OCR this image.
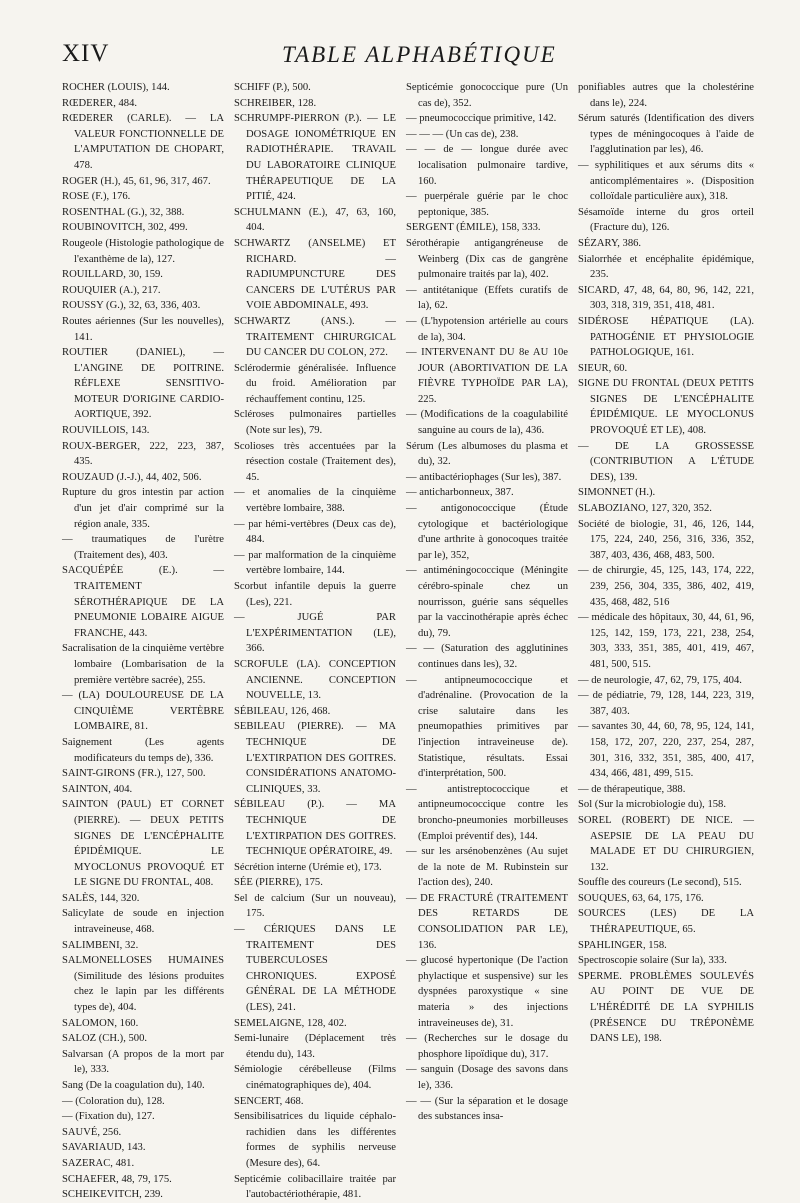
XIV	TABLE ALPHABÉTIQUE

ROCHER (LOUIS), 144.

RŒDERER, 484.

RŒDERER (CARLE). — LA VALEUR FONCTIONNELLE DE L'AMPUTATION DE CHOPART, 478.

ROGER (H.), 45, 61, 96, 317, 467.

ROSE (F.), 176.

ROSENTHAL (G.), 32, 388.

ROUBINOVITCH, 302, 499.

Rougeole (Histologie pathologique de l'exanthème de la), 127.

ROUILLARD, 30, 159.

ROUQUIER (A.), 217.

ROUSSY (G.), 32, 63, 336, 403.

Routes aériennes (Sur les nouvelles), 141.

ROUTIER (DANIEL), — L'ANGINE DE POITRINE. RÉFLEXE SENSITIVO-MOTEUR D'ORIGINE CARDIO-AORTIQUE, 392.

ROUVILLOIS, 143.

ROUX-BERGER, 222, 223, 387, 435.

ROUZAUD (J.-J.), 44, 402, 506.

Rupture du gros intestin par action d'un jet d'air comprimé sur la région anale, 335.

— traumatiques de l'urètre (Traitement des), 403.

SACQUÉPÉE (E.). — TRAITEMENT SÉROTHÉRAPIQUE DE LA PNEUMONIE LOBAIRE AIGUE FRANCHE, 443.

Sacralisation de la cinquième vertèbre lombaire (Lombarisation de la première vertèbre sacrée), 255.

— (LA) DOULOUREUSE DE LA CINQUIÈME VERTÈBRE LOMBAIRE, 81.

Saignement (Les agents modificateurs du temps de), 336.

SAINT-GIRONS (FR.), 127, 500.

SAINTON, 404.

SAINTON (PAUL) ET CORNET (PIERRE). — DEUX PETITS SIGNES DE L'ENCÉPHALITE ÉPIDÉMIQUE. LE MYOCLONUS PROVOQUÉ ET LE SIGNE DU FRONTAL, 408.

SALÈS, 144, 320.

Salicylate de soude en injection intraveineuse, 468.

SALIMBENI, 32.

SALMONELLOSES HUMAINES (Similitude des lésions produites chez le lapin par les différents types de), 404.

SALOMON, 160.

SALOZ (CH.), 500.

Salvarsan (A propos de la mort par le), 333.

Sang (De la coagulation du), 140.

— (Coloration du), 128.

— (Fixation du), 127.

SAUVÉ, 256.

SAVARIAUD, 143.

SAZERAC, 481.

SCHAEFER, 48, 79, 175.

SCHEIKEVITCH, 239.

SCHIFF (P.), 500.

SCHREIBER, 128.

SCHRUMPF-PIERRON (P.). — LE DOSAGE IONOMÉTRIQUE EN RADIOTHÉRAPIE. TRAVAIL DU LABORATOIRE CLINIQUE THÉRAPEUTIQUE DE LA PITIÉ, 424.

SCHULMANN (E.), 47, 63, 160, 404.

SCHWARTZ (ANSELME) ET RICHARD. — RADIUMPUNCTURE DES CANCERS DE L'UTÉRUS PAR VOIE ABDOMINALE, 493.

SCHWARTZ (ANS.). — TRAITEMENT CHIRURGICAL DU CANCER DU COLON, 272.

Sclérodermie généralisée. Influence du froid. Amélioration par réchauffement continu, 125.

Scléroses pulmonaires partielles (Note sur les), 79.

Scolioses très accentuées par la résection costale (Traitement des), 45.

— et anomalies de la cinquième vertèbre lombaire, 388.

— par hémi-vertèbres (Deux cas de), 484.

— par malformation de la cinquième vertèbre lombaire, 144.

Scorbut infantile depuis la guerre (Les), 221.

— JUGÉ PAR L'EXPÉRIMENTATION (LE), 366.

SCROFULE (LA). CONCEPTION ANCIENNE. CONCEPTION NOUVELLE, 13.

SÉBILEAU, 126, 468.

SEBILEAU (PIERRE). — MA TECHNIQUE DE L'EXTIRPATION DES GOITRES. CONSIDÉRATIONS ANATOMO-CLINIQUES, 33.

SÉBILEAU (P.). — MA TECHNIQUE DE L'EXTIRPATION DES GOITRES. TECHNIQUE OPÉRATOIRE, 49.

Sécrétion interne (Urémie et), 173.

SÉE (PIERRE), 175.

Sel de calcium (Sur un nouveau), 175.

— CÉRIQUES DANS LE TRAITEMENT DES TUBERCULOSES CHRONIQUES. EXPOSÉ GÉNÉRAL DE LA MÉTHODE (LES), 241.

SEMELAIGNE, 128, 402.

Semi-lunaire (Déplacement très étendu du), 143.

Sémiologie cérébelleuse (Films cinématographiques de), 404.

SENCERT, 468.

Sensibilisatrices du liquide céphalo-rachidien dans les différentes formes de syphilis nerveuse (Mesure des), 64.

Septicémie colibacillaire traitée par l'autobactériothérapie, 481.

Septicémie gonococcique pure (Un cas de), 352.

— pneumococcique primitive, 142.

— — — (Un cas de), 238.

— — de — longue durée avec localisation pulmonaire tardive, 160.

— puerpérale guérie par le choc peptonique, 385.

SERGENT (ÉMILE), 158, 333.

Sérothérapie antigangréneuse de Weinberg (Dix cas de gangrène pulmonaire traités par la), 402.

— antitétanique (Effets curatifs de la), 62.

— (L'hypotension artérielle au cours de la), 304.

— INTERVENANT DU 8e AU 10e JOUR (ABORTIVATION DE LA FIÈVRE TYPHOÏDE PAR LA), 225.

— (Modifications de la coagulabilité sanguine au cours de la), 436.

Sérum (Les albumoses du plasma et du), 32.

— antibactériophages (Sur les), 387.

— anticharbonneux, 387.

— antigonococcique (Étude cytologique et bactériologique d'une arthrite à gonocoques traitée par le), 352,

— antiméningococcique (Méningite cérébro-spinale chez un nourrisson, guérie sans séquelles par la vaccinothérapie après échec du), 79.

— — (Saturation des agglutinines continues dans les), 32.

— antipneumococcique et d'adrénaline. (Provocation de la crise salutaire dans les pneumopathies primitives par l'injection intraveineuse de). Statistique, résultats. Essai d'interprétation, 500.

— antistreptococcique et antipneumococcique contre les broncho-pneumonies morbilleuses (Emploi préventif des), 144.

— sur les arsénobenzènes (Au sujet de la note de M. Rubinstein sur l'action des), 240.

— DE FRACTURÉ (TRAITEMENT DES RETARDS DE CONSOLIDATION PAR LE), 136.

— glucosé hypertonique (De l'action phylactique et suspensive) sur les dyspnées paroxystique « sine materia » des injections intraveineuses de), 31.

— (Recherches sur le dosage du phosphore lipoïdique du), 317.

— sanguin (Dosage des savons dans le), 336.

— — (Sur la séparation et le dosage des substances insa-

ponifiables autres que la cholestérine dans le), 224.

Sérum saturés (Identification des divers types de méningocoques à l'aide de l'agglutination par les), 46.

— syphilitiques et aux sérums dits « anticomplémentaires ». (Disposition colloïdale particulière aux), 318.

Sésamoïde interne du gros orteil (Fracture du), 126.

SÉZARY, 386.

Sialorrhée et encéphalite épidémique, 235.

SICARD, 47, 48, 64, 80, 96, 142, 221, 303, 318, 319, 351, 418, 481.

SIDÉROSE HÉPATIQUE (LA). PATHOGÉNIE ET PHYSIOLOGIE PATHOLOGIQUE, 161.

SIEUR, 60.

SIGNE DU FRONTAL (DEUX PETITS SIGNES DE L'ENCÉPHALITE ÉPIDÉMIQUE. LE MYOCLONUS PROVOQUÉ ET LE), 408.

— DE LA GROSSESSE (CONTRIBUTION A L'ÉTUDE DES), 139.

SIMONNET (H.).

SLABOZIANO, 127, 320, 352.

Société de biologie, 31, 46, 126, 144, 175, 224, 240, 256, 316, 336, 352, 387, 403, 436, 468, 483, 500.

— de chirurgie, 45, 125, 143, 174, 222, 239, 256, 304, 335, 386, 402, 419, 435, 468, 482, 516

— médicale des hôpitaux, 30, 44, 61, 96, 125, 142, 159, 173, 221, 238, 254, 303, 333, 351, 385, 401, 419, 467, 481, 500, 515.

— de neurologie, 47, 62, 79, 175, 404.

— de pédiatrie, 79, 128, 144, 223, 319, 387, 403.

— savantes 30, 44, 60, 78, 95, 124, 141, 158, 172, 207, 220, 237, 254, 287, 301, 316, 332, 351, 385, 400, 417, 434, 466, 481, 499, 515.

— de thérapeutique, 388.

Sol (Sur la microbiologie du), 158.

SOREL (ROBERT) DE NICE. — ASEPSIE DE LA PEAU DU MALADE ET DU CHIRURGIEN, 132.

Souffle des coureurs (Le second), 515.

SOUQUES, 63, 64, 175, 176.

SOURCES (LES) DE LA THÉRAPEUTIQUE, 65.

SPAHLINGER, 158.

Spectroscopie solaire (Sur la), 333.

SPERME. PROBLÈMES SOULEVÉS AU POINT DE VUE DE L'HÉRÉDITÉ DE LA SYPHILIS (PRÉSENCE DU TRÉPONÈME DANS LE), 198.
